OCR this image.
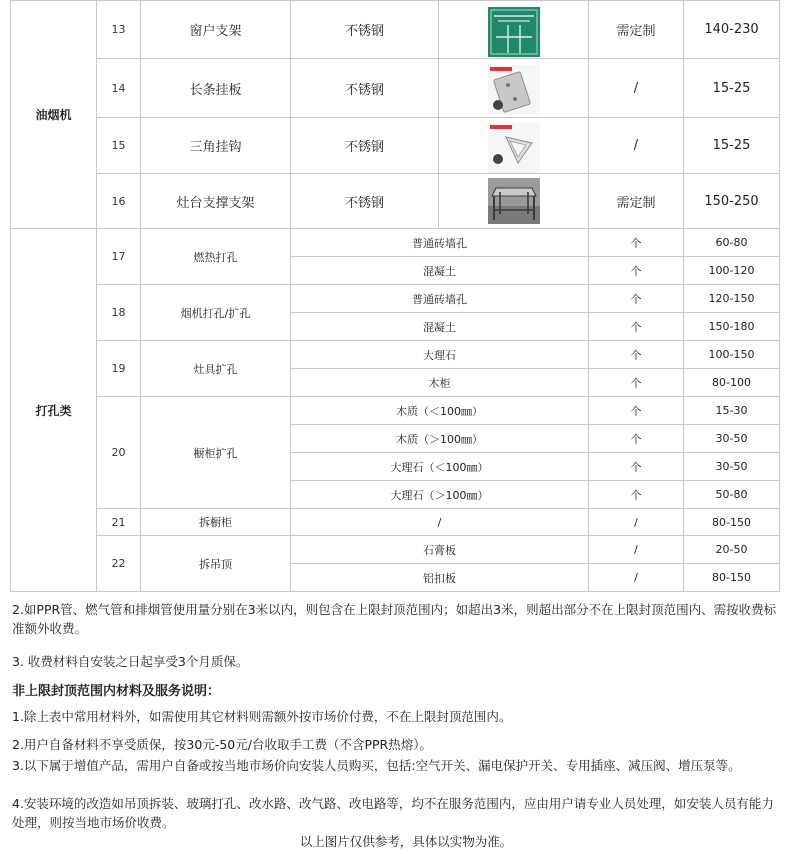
油烟机	13	窗户支架	不锈钢		需定制	140-230
	14	长条挂板	不锈钢		/	15-25
	15	三角挂钩	不锈钢		/	15-25
	16	灶台支撑支架	不锈钢		需定制	150-250
打孔类	17	燃热打孔	普通砖墙孔		个	60-80
			混凝土		个	100-120
	18	烟机打孔/扩孔	普通砖墙孔		个	120-150
			混凝土		个	150-180
	19	灶具扩孔	大理石		个	100-150
			木柜		个	80-100
	20	橱柜扩孔	木质（＜100㎜）		个	15-30
			木质（＞100㎜）		个	30-50
			大理石（＜100㎜）		个	30-50
			大理石（＞100㎜）		个	50-80
	21	拆橱柜	/		/	80-150
	22	拆吊顶	石膏板		/	20-50
			铝扣板		/	80-150

2.如PPR管、燃气管和排烟管使用量分别在3米以内，则包含在上限封顶范围内；如超出3米，则超出部分不在上限封顶范围内、需按收费标准额外收费。

3. 收费材料自安装之日起享受3个月质保。

非上限封顶范围内材料及服务说明：

1.除上表中常用材料外，如需使用其它材料则需额外按市场价付费，不在上限封顶范围内。

2.用户自备材料不享受质保，按30元-50元/台收取手工费（不含PPR热熔）。

3.以下属于增值产品，需用户自备或按当地市场价向安装人员购买，包括:空气开关、漏电保护开关、专用插座、减压阀、增压泵等。

4.安装环境的改造如吊顶拆装、玻璃打孔、改水路、改气路、改电路等，均不在服务范围内，应由用户请专业人员处理，如安装人员有能力处理，则按当地市场价收费。

以上图片仅供参考，具体以实物为准。
